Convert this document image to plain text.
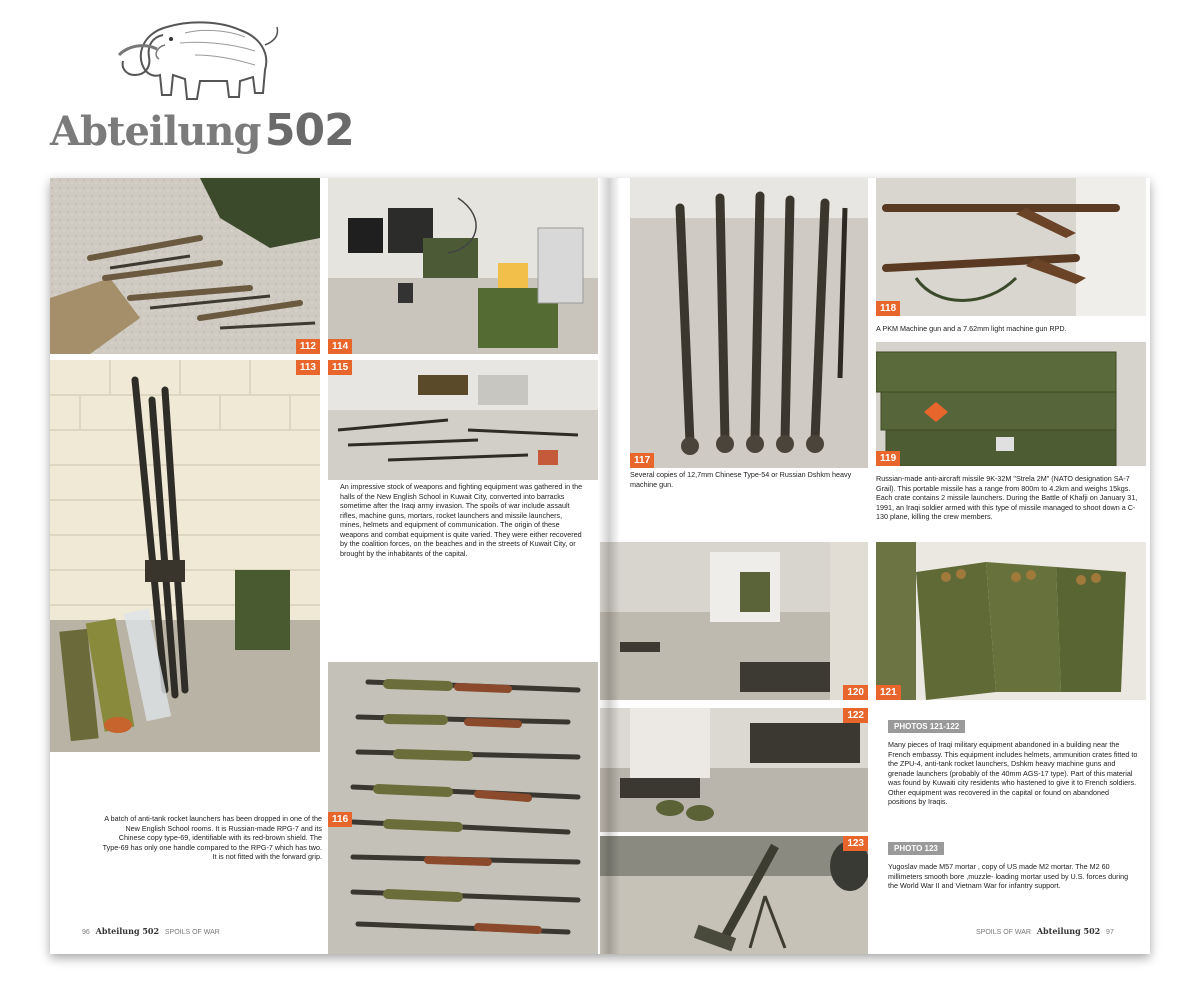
Abteilung 502
112
113
114
115
116
An impressive stock of weapons and fighting equipment was gathered in the halls of the New English School in Kuwait City, converted into barracks sometime after the Iraqi army invasion. The spoils of war include assault rifles, machine guns, mortars, rocket launchers and missile launchers, mines, helmets and equipment of communication. The origin of these weapons and combat equipment is quite varied. They were either recovered by the coalition forces, on the beaches and in the streets of Kuwait City, or brought by the inhabitants of the capital.
A batch of anti-tank rocket launchers has been dropped in one of the New English School rooms. It is Russian-made RPG-7 and its Chinese copy type-69, identifiable with its red-brown shield. The Type-69 has only one handle compared to the RPG-7 which has two. It is not fitted with the forward grip.
96 Abteilung 502 SPOILS OF WAR
117
118
119
120	121
122
123
Several copies of 12,7mm Chinese Type-54 or Russian Dshkm heavy machine gun.
A PKM Machine gun and a 7.62mm light machine gun RPD.
Russian-made anti-aircraft missile 9K-32M "Strela 2M" (NATO designation SA-7 Grail). This portable missile has a range from 800m to 4.2km and weighs 15kgs. Each crate contains 2 missile launchers. During the Battle of Khafji on January 31, 1991, an Iraqi soldier armed with this type of missile managed to shoot down a C-130 plane, killing the crew members.
PHOTOS 121-122
Many pieces of Iraqi military equipment abandoned in a building near the French embassy. This equipment includes helmets, ammunition crates fitted to the ZPU-4, anti-tank rocket launchers, Dshkm heavy machine guns and grenade launchers (probably of the 40mm AGS-17 type). Part of this material was found by Kuwaiti city residents who hastened to give it to French soldiers. Other equipment was recovered in the capital or found on abandoned positions by Iraqis.
PHOTO 123
Yugoslav made M57 mortar , copy of US made M2 mortar. The M2 60 millimeters smooth bore ,muzzle- loading mortar used by U.S. forces during the World War II and Vietnam War for infantry support.
SPOILS OF WAR Abteilung 502 97
